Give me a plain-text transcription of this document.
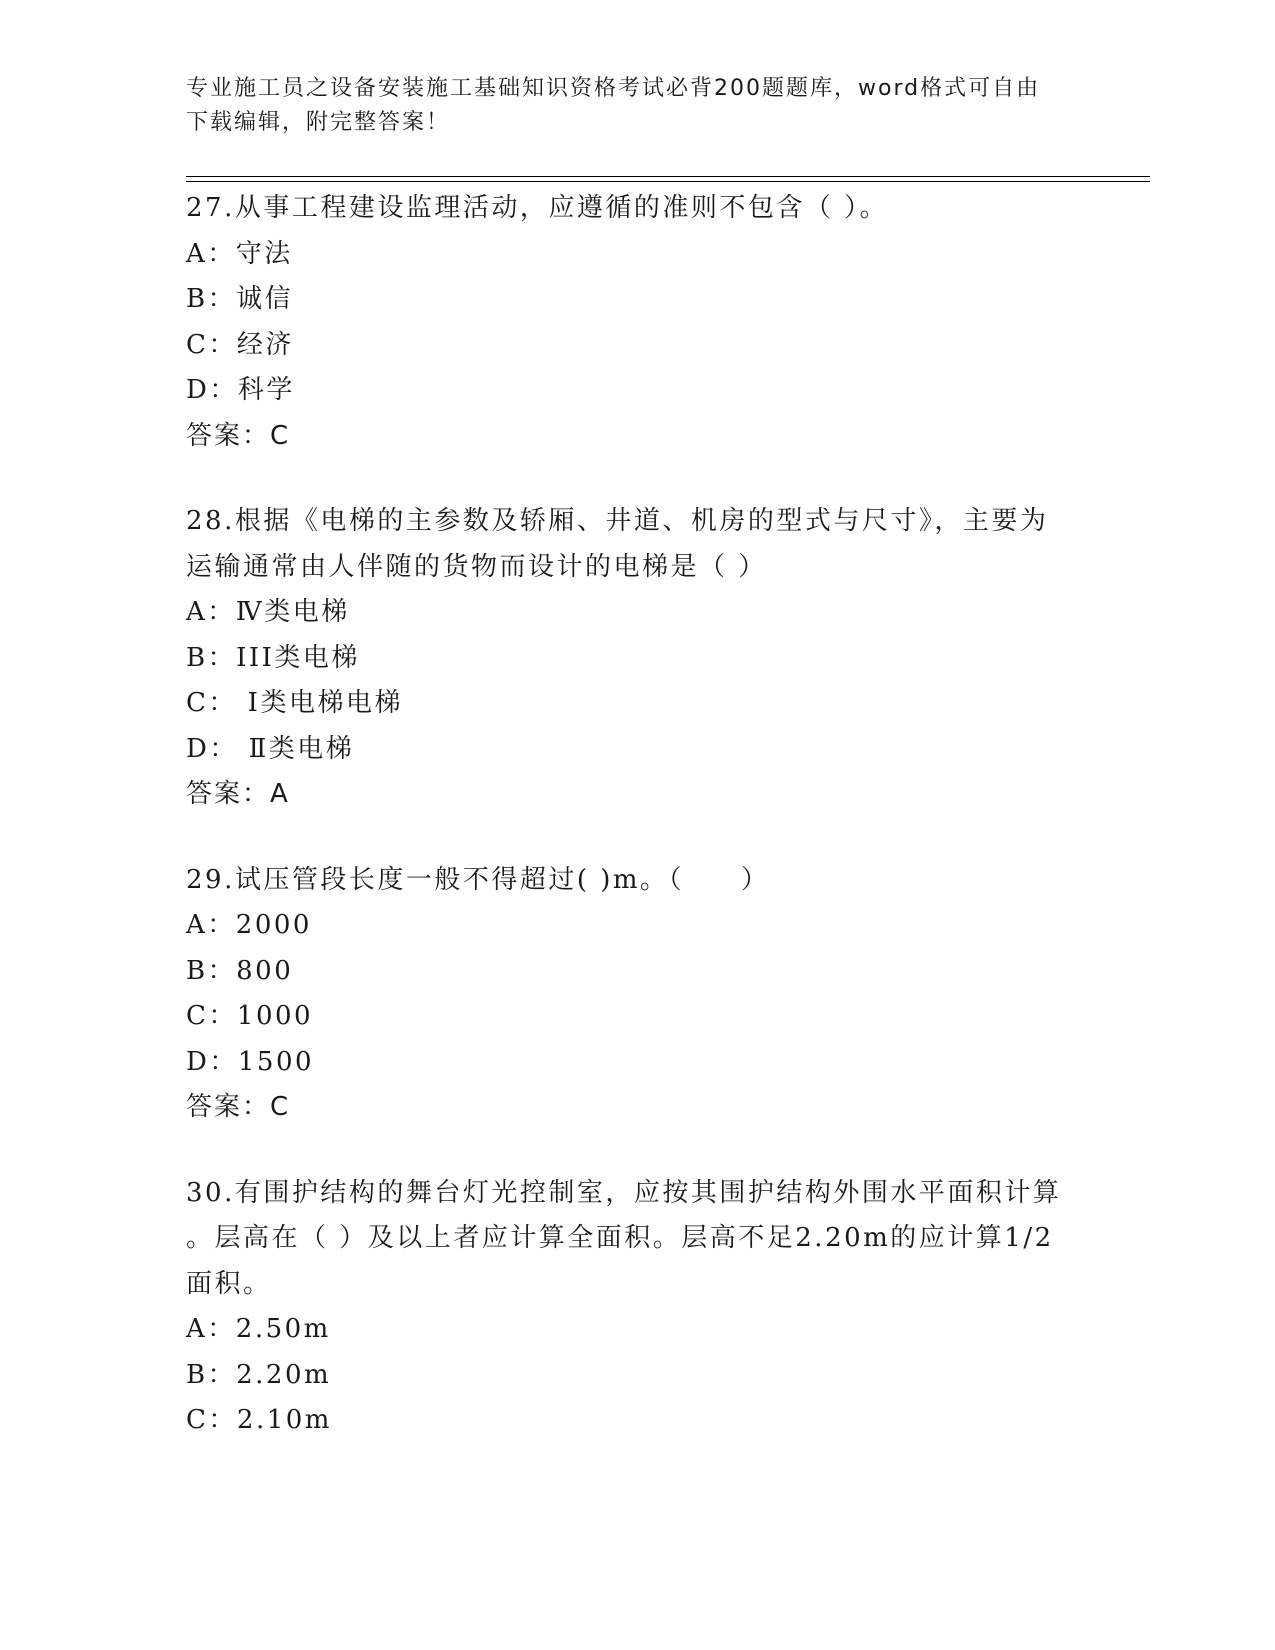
专业施工员之设备安装施工基础知识资格考试必背200题题库，word格式可自由
下载编辑，附完整答案！

27.从事工程建设监理活动，应遵循的准则不包含（ ）。

A：守法
B：诚信
C：经济
D：科学
答案：C

28.根据《电梯的主参数及轿厢、井道、机房的型式与尺寸》，主要为

运输通常由人伴随的货物而设计的电梯是（ ）

A：Ⅳ类电梯
B：III类电梯
C： Ⅰ类电梯电梯
D： Ⅱ类电梯
答案：A

29.试压管段长度一般不得超过( )m。（　　）

A：2000
B：800
C：1000
D：1500
答案：C

30.有围护结构的舞台灯光控制室，应按其围护结构外围水平面积计算

。层高在（ ）及以上者应计算全面积。层高不足2.20m的应计算1/2

面积。

A：2.50m
B：2.20m
C：2.10m
